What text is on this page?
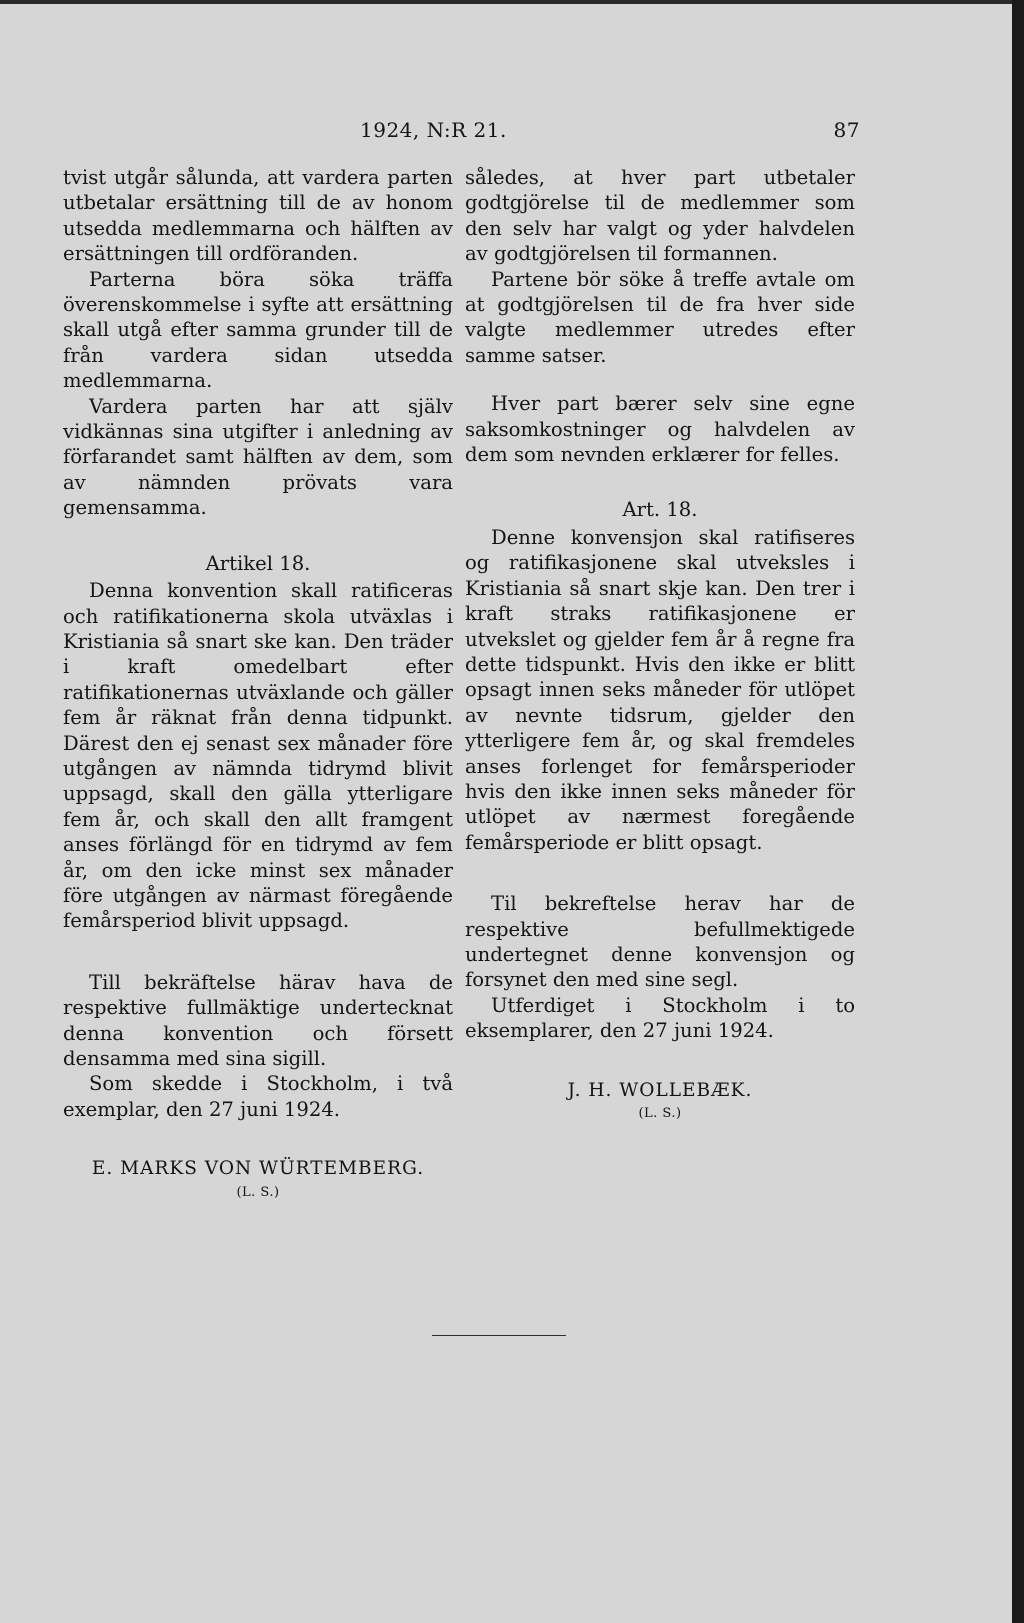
1924, N:R 21.	87

tvist utgår sålunda, att vardera parten utbetalar ersättning till de av honom utsedda medlemmarna och hälften av ersättningen till ordföranden.

Parterna böra söka träffa överenskommelse i syfte att ersättning skall utgå efter samma grunder till de från vardera sidan utsedda medlemmarna.

Vardera parten har att själv vidkännas sina utgifter i anledning av förfarandet samt hälften av dem, som av nämnden prövats vara gemensamma.

Artikel 18.

Denna konvention skall ratificeras och ratifikationerna skola utväxlas i Kristiania så snart ske kan. Den träder i kraft omedelbart efter ratifikationernas utväxlande och gäller fem år räknat från denna tidpunkt. Därest den ej senast sex månader före utgången av nämnda tidrymd blivit uppsagd, skall den gälla ytterligare fem år, och skall den allt framgent anses förlängd för en tidrymd av fem år, om den icke minst sex månader före utgången av närmast föregående femårsperiod blivit uppsagd.

Till bekräftelse härav hava de respektive fullmäktige undertecknat denna konvention och försett densamma med sina sigill.

Som skedde i Stockholm, i två exemplar, den 27 juni 1924.

E. MARKS VON WÜRTEMBERG.
(L. S.)

således, at hver part utbetaler godtgjörelse til de medlemmer som den selv har valgt og yder halvdelen av godtgjörelsen til formannen.

Partene bör söke å treffe avtale om at godtgjörelsen til de fra hver side valgte medlemmer utredes efter samme satser.

Hver part bærer selv sine egne saksomkostninger og halvdelen av dem som nevnden erklærer for felles.

Art. 18.

Denne konvensjon skal ratifiseres og ratifikasjonene skal utveksles i Kristiania så snart skje kan. Den trer i kraft straks ratifikasjonene er utvekslet og gjelder fem år å regne fra dette tidspunkt. Hvis den ikke er blitt opsagt innen seks måneder för utlöpet av nevnte tidsrum, gjelder den ytterligere fem år, og skal fremdeles anses forlenget for femårsperioder hvis den ikke innen seks måneder för utlöpet av nærmest foregående femårsperiode er blitt opsagt.

Til bekreftelse herav har de respektive befullmektigede undertegnet denne konvensjon og forsynet den med sine segl.

Utferdiget i Stockholm i to eksemplarer, den 27 juni 1924.

J. H. WOLLEBÆK.
(L. S.)
